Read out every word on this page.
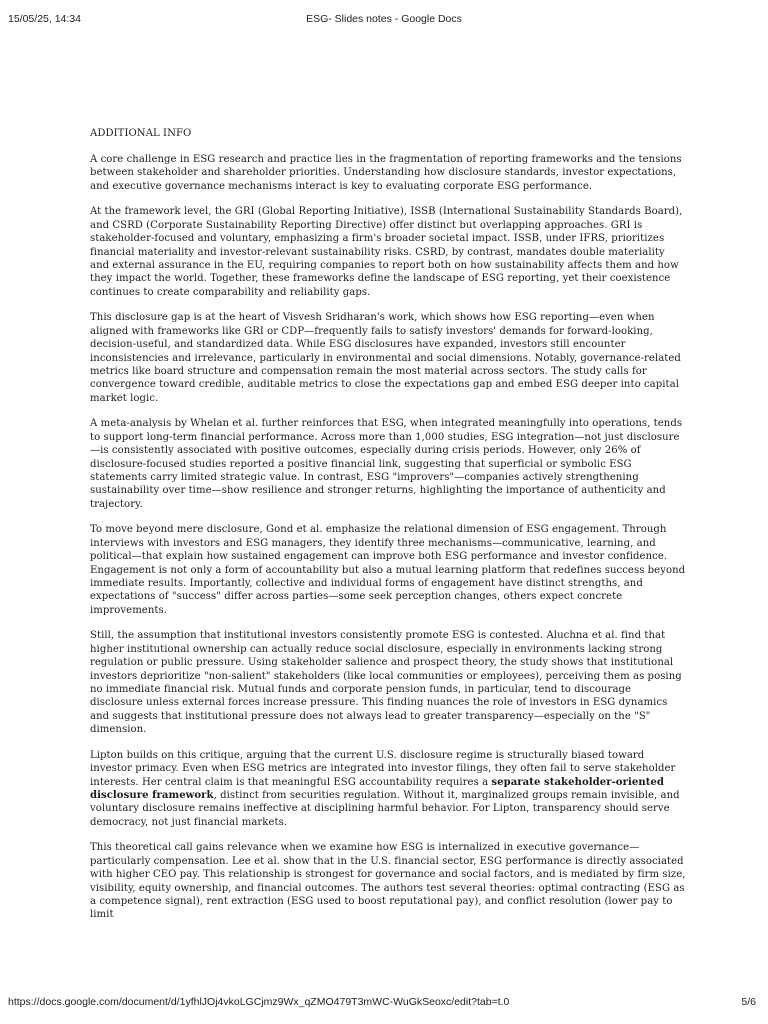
15/05/25, 14:34	ESG- Slides notes - Google Docs

ADDITIONAL INFO

A core challenge in ESG research and practice lies in the fragmentation of reporting frameworks and the tensions between stakeholder and shareholder priorities. Understanding how disclosure standards, investor expectations, and executive governance mechanisms interact is key to evaluating corporate ESG performance.

At the framework level, the GRI (Global Reporting Initiative), ISSB (International Sustainability Standards Board), and CSRD (Corporate Sustainability Reporting Directive) offer distinct but overlapping approaches. GRI is stakeholder-focused and voluntary, emphasizing a firm's broader societal impact. ISSB, under IFRS, prioritizes financial materiality and investor-relevant sustainability risks. CSRD, by contrast, mandates double materiality and external assurance in the EU, requiring companies to report both on how sustainability affects them and how they impact the world. Together, these frameworks define the landscape of ESG reporting, yet their coexistence continues to create comparability and reliability gaps.

This disclosure gap is at the heart of Visvesh Sridharan's work, which shows how ESG reporting—even when aligned with frameworks like GRI or CDP—frequently fails to satisfy investors' demands for forward-looking, decision-useful, and standardized data. While ESG disclosures have expanded, investors still encounter inconsistencies and irrelevance, particularly in environmental and social dimensions. Notably, governance-related metrics like board structure and compensation remain the most material across sectors. The study calls for convergence toward credible, auditable metrics to close the expectations gap and embed ESG deeper into capital market logic.

A meta-analysis by Whelan et al. further reinforces that ESG, when integrated meaningfully into operations, tends to support long-term financial performance. Across more than 1,000 studies, ESG integration—not just disclosure—is consistently associated with positive outcomes, especially during crisis periods. However, only 26% of disclosure-focused studies reported a positive financial link, suggesting that superficial or symbolic ESG statements carry limited strategic value. In contrast, ESG "improvers"—companies actively strengthening sustainability over time—show resilience and stronger returns, highlighting the importance of authenticity and trajectory.

To move beyond mere disclosure, Gond et al. emphasize the relational dimension of ESG engagement. Through interviews with investors and ESG managers, they identify three mechanisms—communicative, learning, and political—that explain how sustained engagement can improve both ESG performance and investor confidence. Engagement is not only a form of accountability but also a mutual learning platform that redefines success beyond immediate results. Importantly, collective and individual forms of engagement have distinct strengths, and expectations of "success" differ across parties—some seek perception changes, others expect concrete improvements.

Still, the assumption that institutional investors consistently promote ESG is contested. Aluchna et al. find that higher institutional ownership can actually reduce social disclosure, especially in environments lacking strong regulation or public pressure. Using stakeholder salience and prospect theory, the study shows that institutional investors deprioritize "non-salient" stakeholders (like local communities or employees), perceiving them as posing no immediate financial risk. Mutual funds and corporate pension funds, in particular, tend to discourage disclosure unless external forces increase pressure. This finding nuances the role of investors in ESG dynamics and suggests that institutional pressure does not always lead to greater transparency—especially on the "S" dimension.

Lipton builds on this critique, arguing that the current U.S. disclosure regime is structurally biased toward investor primacy. Even when ESG metrics are integrated into investor filings, they often fail to serve stakeholder interests. Her central claim is that meaningful ESG accountability requires a separate stakeholder-oriented disclosure framework, distinct from securities regulation. Without it, marginalized groups remain invisible, and voluntary disclosure remains ineffective at disciplining harmful behavior. For Lipton, transparency should serve democracy, not just financial markets.

This theoretical call gains relevance when we examine how ESG is internalized in executive governance—particularly compensation. Lee et al. show that in the U.S. financial sector, ESG performance is directly associated with higher CEO pay. This relationship is strongest for governance and social factors, and is mediated by firm size, visibility, equity ownership, and financial outcomes. The authors test several theories: optimal contracting (ESG as a competence signal), rent extraction (ESG used to boost reputational pay), and conflict resolution (lower pay to limit

https://docs.google.com/document/d/1yfhlJOj4vkoLGCjmz9Wx_qZMO479T3mWC-WuGkSeoxc/edit?tab=t.0	5/6
